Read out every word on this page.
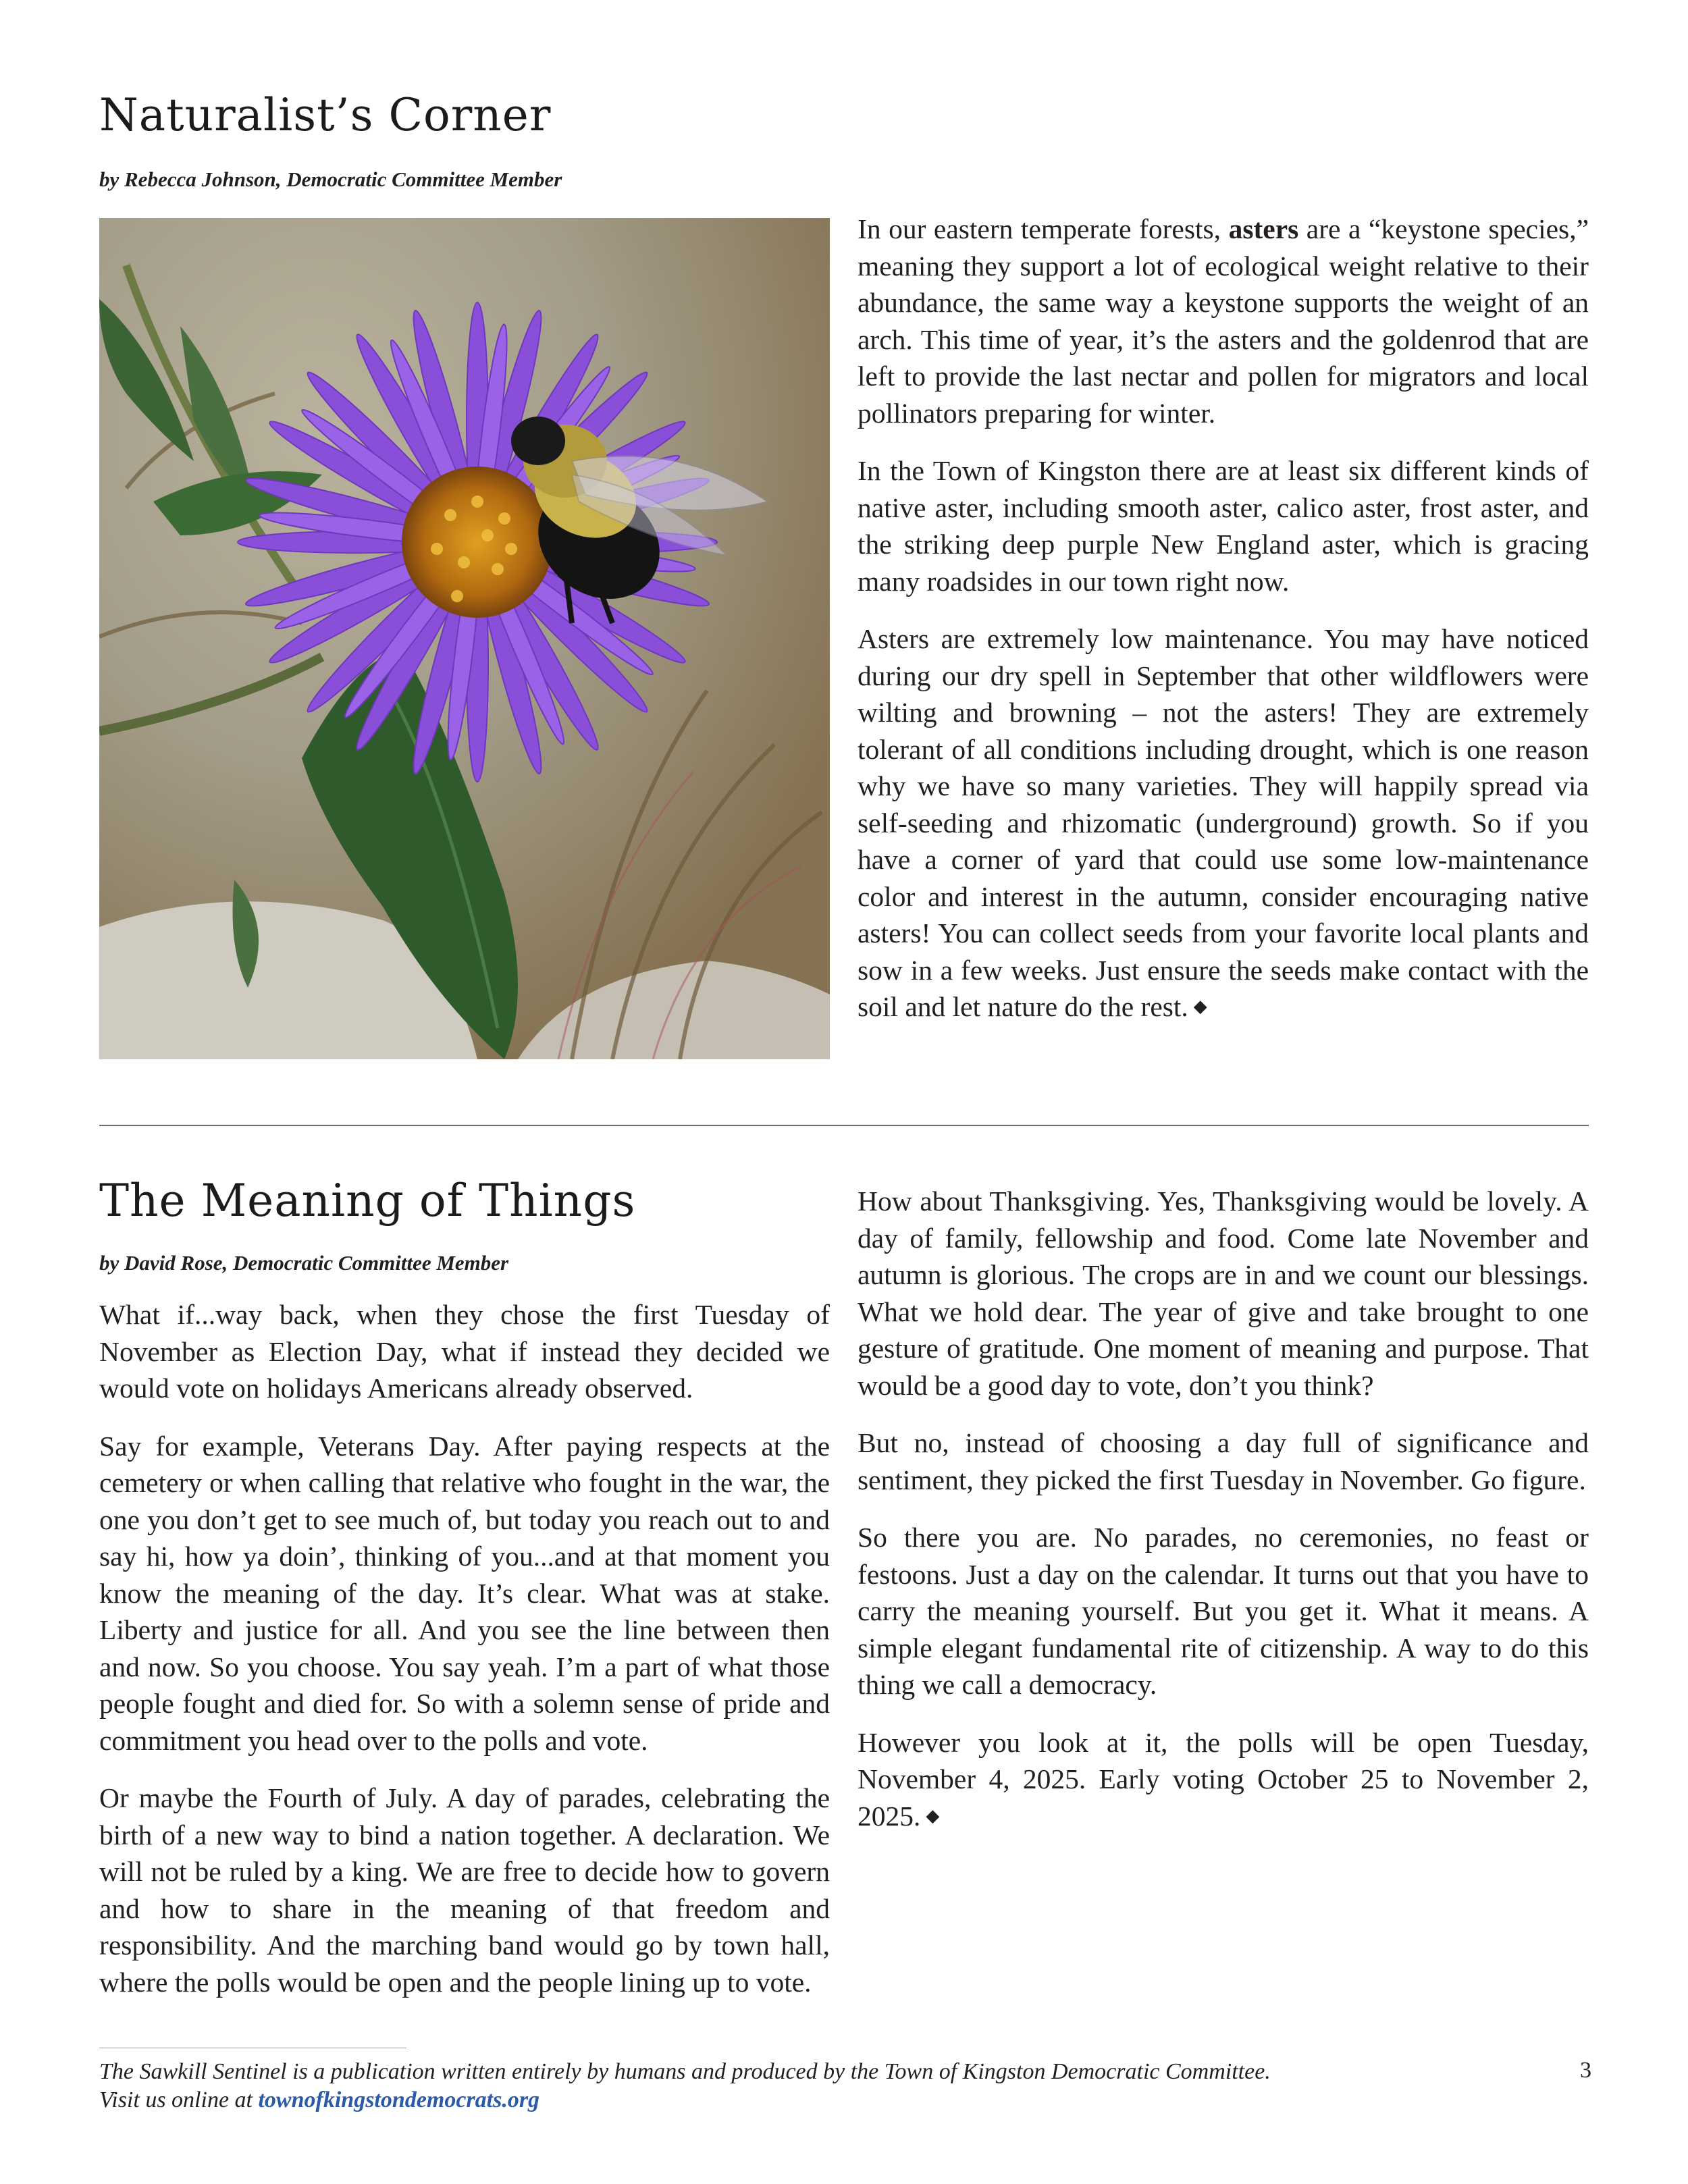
Naturalist’s Corner
by Rebecca Johnson, Democratic Committee Member

In our eastern temperate forests, asters are a “keystone species,” meaning they support a lot of ecological weight relative to their abundance, the same way a keystone supports the weight of an arch. This time of year, it’s the asters and the goldenrod that are left to provide the last nectar and pollen for migrators and local pollinators preparing for winter.

In the Town of Kingston there are at least six different kinds of native aster, including smooth aster, calico aster, frost aster, and the striking deep purple New England aster, which is gracing many roadsides in our town right now.

Asters are extremely low maintenance. You may have noticed during our dry spell in September that other wildflowers were wilting and browning – not the asters! They are extremely tolerant of all conditions including drought, which is one reason why we have so many varieties. They will happily spread via self-seeding and rhizomatic (underground) growth. So if you have a corner of yard that could use some low-maintenance color and interest in the autumn, consider encouraging native asters! You can collect seeds from your favorite local plants and sow in a few weeks. Just ensure the seeds make contact with the soil and let nature do the rest. ◆

The Meaning of Things
by David Rose, Democratic Committee Member

What if...way back, when they chose the first Tuesday of November as Election Day, what if instead they decided we would vote on holidays Americans already observed.

Say for example, Veterans Day. After paying respects at the cemetery or when calling that relative who fought in the war, the one you don’t get to see much of, but today you reach out to and say hi, how ya doin’, thinking of you...and at that moment you know the meaning of the day. It’s clear. What was at stake. Liberty and justice for all. And you see the line between then and now. So you choose. You say yeah. I’m a part of what those people fought and died for. So with a solemn sense of pride and commitment you head over to the polls and vote.

Or maybe the Fourth of July. A day of parades, celebrating the birth of a new way to bind a nation together. A declaration. We will not be ruled by a king. We are free to decide how to govern and how to share in the meaning of that freedom and responsibility. And the marching band would go by town hall, where the polls would be open and the people lining up to vote.

How about Thanksgiving. Yes, Thanksgiving would be lovely. A day of family, fellowship and food. Come late November and autumn is glorious. The crops are in and we count our blessings. What we hold dear. The year of give and take brought to one gesture of gratitude. One moment of meaning and purpose. That would be a good day to vote, don’t you think?

But no, instead of choosing a day full of significance and sentiment, they picked the first Tuesday in November. Go figure.

So there you are. No parades, no ceremonies, no feast or festoons. Just a day on the calendar. It turns out that you have to carry the meaning yourself. But you get it. What it means. A simple elegant fundamental rite of citizenship. A way to do this thing we call a democracy.

However you look at it, the polls will be open Tuesday, November 4, 2025. Early voting October 25 to November 2, 2025. ◆

The Sawkill Sentinel is a publication written entirely by humans and produced by the Town of Kingston Democratic Committee.
Visit us online at townofkingstondemocrats.org
3
